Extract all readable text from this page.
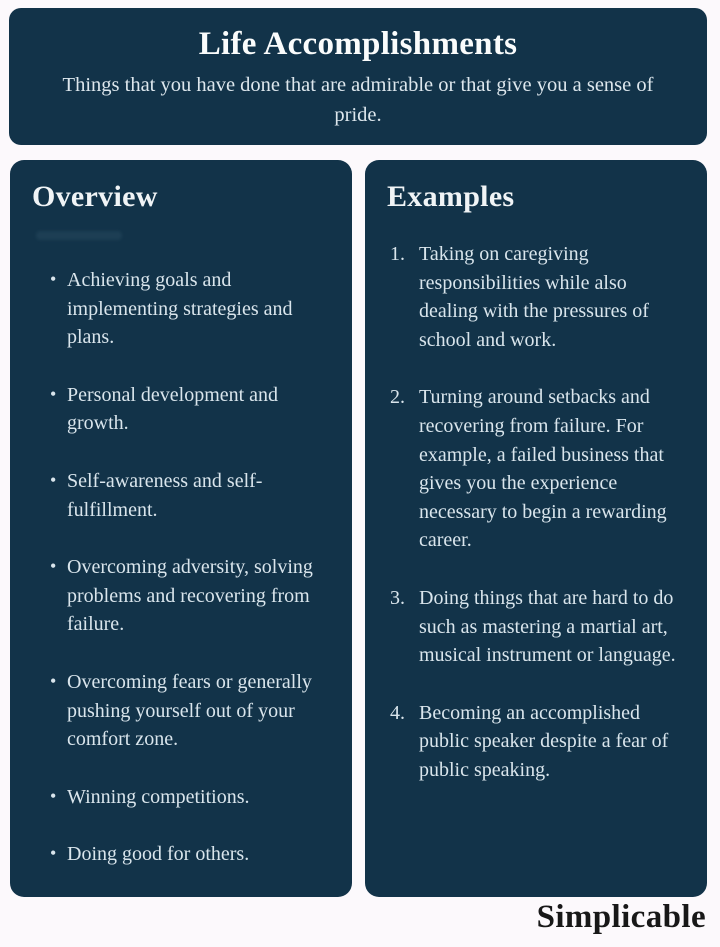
Life Accomplishments

Things that you have done that are admirable or that give you a sense of pride.

Overview
• Achieving goals and implementing strategies and plans.
• Personal development and growth.
• Self-awareness and self-fulfillment.
• Overcoming adversity, solving problems and recovering from failure.
• Overcoming fears or generally pushing yourself out of your comfort zone.
• Winning competitions.
• Doing good for others.
Examples
1. Taking on caregiving responsibilities while also dealing with the pressures of school and work.
2. Turning around setbacks and recovering from failure. For example, a failed business that gives you the experience necessary to begin a rewarding career.
3. Doing things that are hard to do such as mastering a martial art, musical instrument or language.
4. Becoming an accomplished public speaker despite a fear of public speaking.
Simplicable
